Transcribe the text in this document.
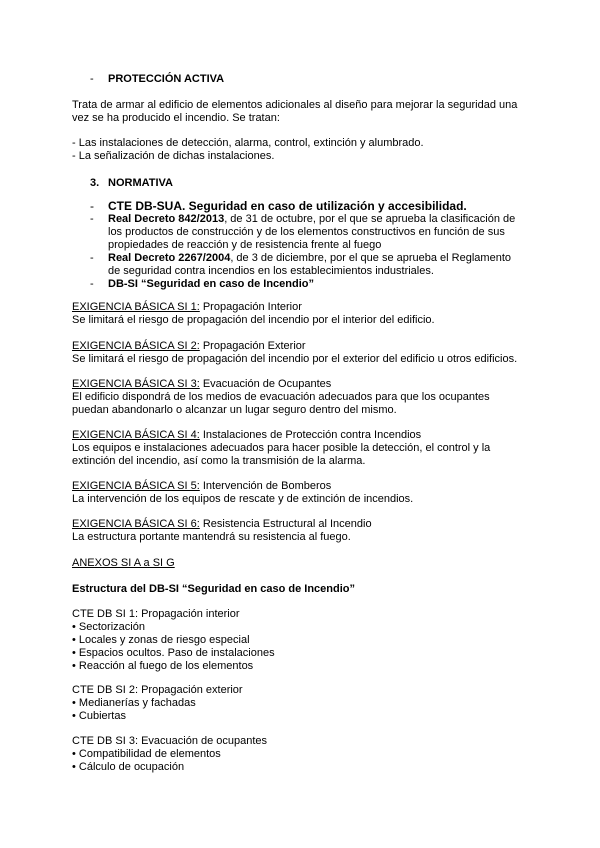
- PROTECCIÓN ACTIVA
Trata de armar al edificio de elementos adicionales al diseño para mejorar la seguridad una
vez se ha producido el incendio. Se tratan:
- Las instalaciones de detección, alarma, control, extinción y alumbrado.
- La señalización de dichas instalaciones.
3. NORMATIVA
- CTE DB-SUA. Seguridad en caso de utilización y accesibilidad.
- Real Decreto 842/2013, de 31 de octubre, por el que se aprueba la clasificación de
los productos de construcción y de los elementos constructivos en función de sus
propiedades de reacción y de resistencia frente al fuego
- Real Decreto 2267/2004, de 3 de diciembre, por el que se aprueba el Reglamento
de seguridad contra incendios en los establecimientos industriales.
- DB-SI “Seguridad en caso de Incendio”
EXIGENCIA BÁSICA SI 1: Propagación Interior
Se limitará el riesgo de propagación del incendio por el interior del edificio.
EXIGENCIA BÁSICA SI 2: Propagación Exterior
Se limitará el riesgo de propagación del incendio por el exterior del edificio u otros edificios.
EXIGENCIA BÁSICA SI 3: Evacuación de Ocupantes
El edificio dispondrá de los medios de evacuación adecuados para que los ocupantes
puedan abandonarlo o alcanzar un lugar seguro dentro del mismo.
EXIGENCIA BÁSICA SI 4: Instalaciones de Protección contra Incendios
Los equipos e instalaciones adecuados para hacer posible la detección, el control y la
extinción del incendio, así como la transmisión de la alarma.
EXIGENCIA BÁSICA SI 5: Intervención de Bomberos
La intervención de los equipos de rescate y de extinción de incendios.
EXIGENCIA BÁSICA SI 6: Resistencia Estructural al Incendio
La estructura portante mantendrá su resistencia al fuego.
ANEXOS SI A a SI G
Estructura del DB-SI “Seguridad en caso de Incendio”
CTE DB SI 1: Propagación interior
• Sectorización
• Locales y zonas de riesgo especial
• Espacios ocultos. Paso de instalaciones
• Reacción al fuego de los elementos
CTE DB SI 2: Propagación exterior
• Medianerías y fachadas
• Cubiertas
CTE DB SI 3: Evacuación de ocupantes
• Compatibilidad de elementos
• Cálculo de ocupación
